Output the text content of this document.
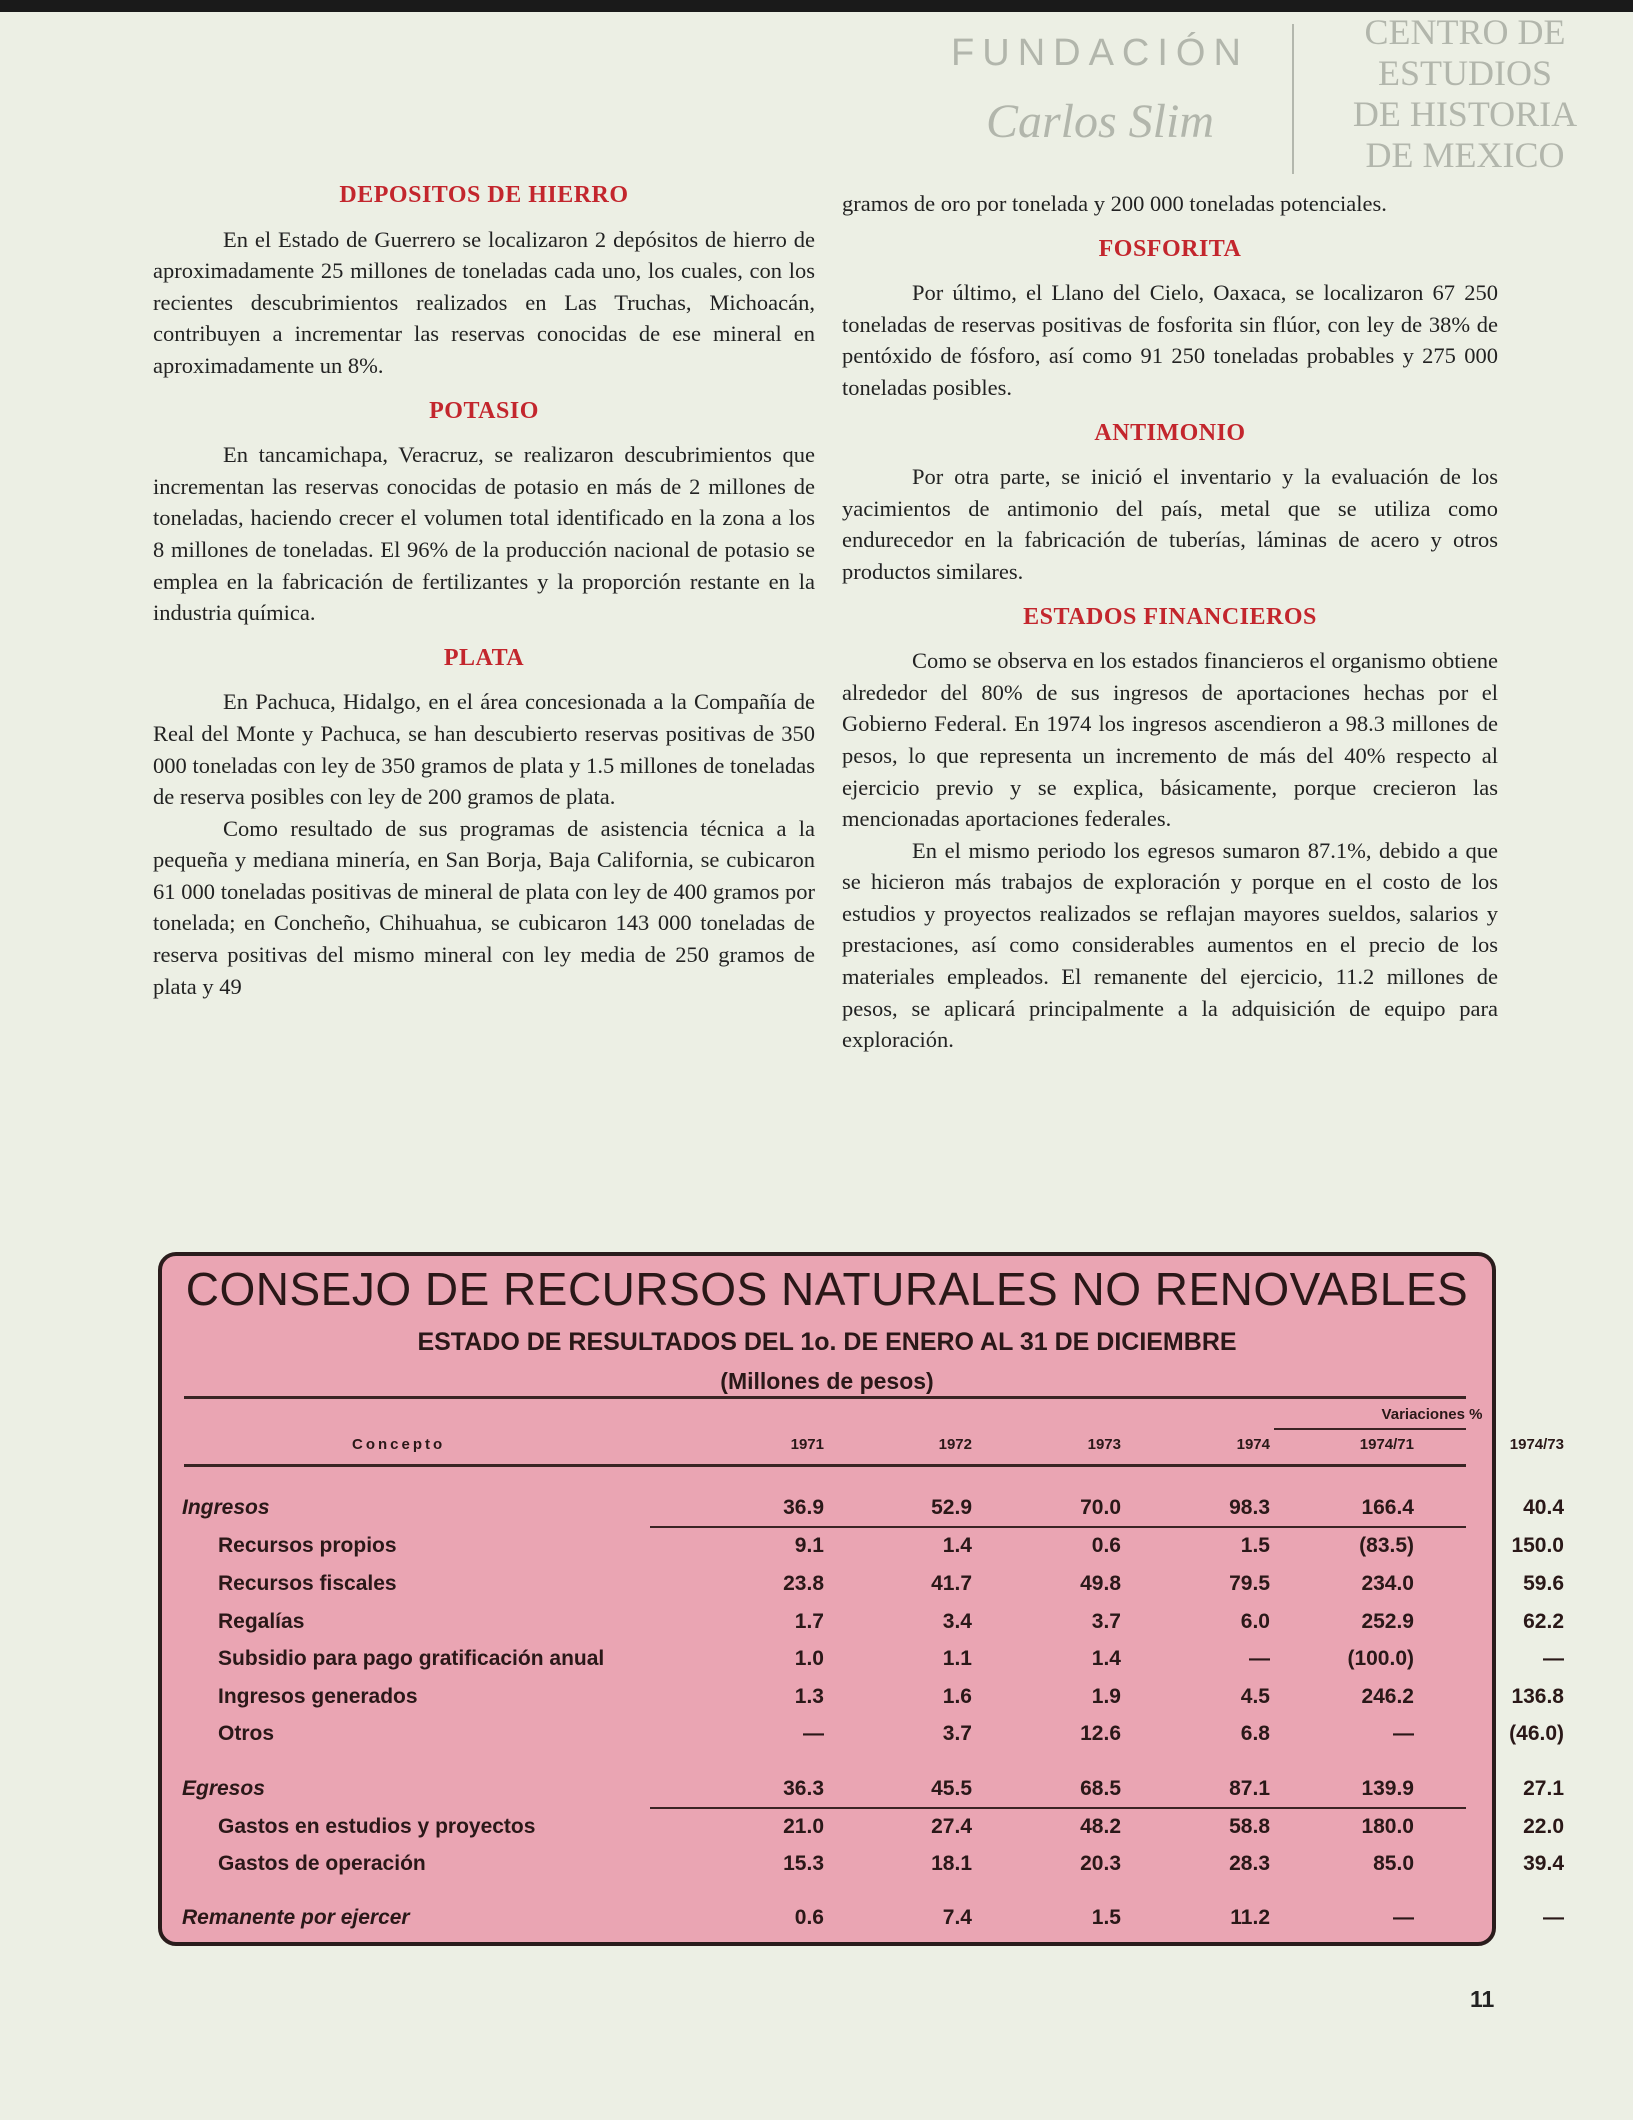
DEPOSITOS DE HIERRO

En el Estado de Guerrero se localizaron 2 depósitos de hierro de aproximadamente 25 millones de toneladas cada uno, los cuales, con los recientes descubrimientos realizados en Las Truchas, Michoacán, contribuyen a incrementar las reservas conocidas de ese mineral en aproximadamente un 8%.

POTASIO

En tancamichapa, Veracruz, se realizaron descubrimientos que incrementan las reservas conocidas de potasio en más de 2 millones de toneladas, haciendo crecer el volumen total identificado en la zona a los 8 millones de toneladas. El 96% de la producción nacional de potasio se emplea en la fabricación de fertilizantes y la proporción restante en la industria química.

PLATA

En Pachuca, Hidalgo, en el área concesionada a la Compañía de Real del Monte y Pachuca, se han descubierto reservas positivas de 350 000 toneladas con ley de 350 gramos de plata y 1.5 millones de toneladas de reserva posibles con ley de 200 gramos de plata.

Como resultado de sus programas de asistencia técnica a la pequeña y mediana minería, en San Borja, Baja California, se cubicaron 61 000 toneladas positivas de mineral de plata con ley de 400 gramos por tonelada; en Concheño, Chihuahua, se cubicaron 143 000 toneladas de reserva positivas del mismo mineral con ley media de 250 gramos de plata y 49

gramos de oro por tonelada y 200 000 toneladas potenciales.

FOSFORITA

Por último, el Llano del Cielo, Oaxaca, se localizaron 67 250 toneladas de reservas positivas de fosforita sin flúor, con ley de 38% de pentóxido de fósforo, así como 91 250 toneladas probables y 275 000 toneladas posibles.

ANTIMONIO

Por otra parte, se inició el inventario y la evaluación de los yacimientos de antimonio del país, metal que se utiliza como endurecedor en la fabricación de tuberías, láminas de acero y otros productos similares.

ESTADOS FINANCIEROS

Como se observa en los estados financieros el organismo obtiene alrededor del 80% de sus ingresos de aportaciones hechas por el Gobierno Federal. En 1974 los ingresos ascendieron a 98.3 millones de pesos, lo que representa un incremento de más del 40% respecto al ejercicio previo y se explica, básicamente, porque crecieron las mencionadas aportaciones federales.

En el mismo periodo los egresos sumaron 87.1%, debido a que se hicieron más trabajos de exploración y porque en el costo de los estudios y proyectos realizados se reflajan mayores sueldos, salarios y prestaciones, así como considerables aumentos en el precio de los materiales empleados. El remanente del ejercicio, 11.2 millones de pesos, se aplicará principalmente a la adquisición de equipo para exploración.

CONSEJO DE RECURSOS NATURALES NO RENOVABLES
ESTADO DE RESULTADOS DEL 1o. DE ENERO AL 31 DE DICIEMBRE
(Millones de pesos)
Variaciones %
Concepto	1971	1972	1973	1974	1974/71	1974/73
Ingresos	36.9	52.9	70.0	98.3	166.4	40.4
Recursos propios	9.1	1.4	0.6	1.5	(83.5)	150.0
Recursos fiscales	23.8	41.7	49.8	79.5	234.0	59.6
Regalías	1.7	3.4	3.7	6.0	252.9	62.2
Subsidio para pago gratificación anual	1.0	1.1	1.4	—	(100.0)	—
Ingresos generados	1.3	1.6	1.9	4.5	246.2	136.8
Otros	—	3.7	12.6	6.8	—	(46.0)
Egresos	36.3	45.5	68.5	87.1	139.9	27.1
Gastos en estudios y proyectos	21.0	27.4	48.2	58.8	180.0	22.0
Gastos de operación	15.3	18.1	20.3	28.3	85.0	39.4
Remanente por ejercer	0.6	7.4	1.5	11.2	—	—
CENTRO DE
ESTUDIOS
DE HISTORIA
DE MEXICO
FUNDACIÓN
Carlos Slim
11
